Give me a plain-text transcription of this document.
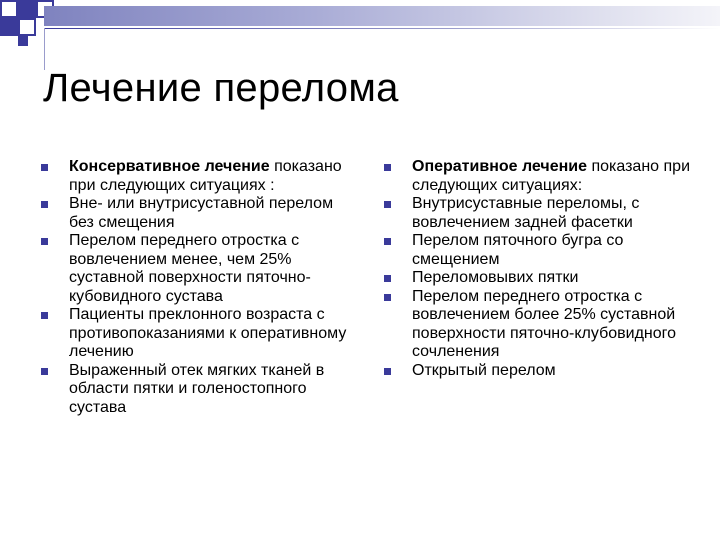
Лечение перелома
Консервативное лечение показано при следующих ситуациях :
Вне- или внутрисуставной перелом без смещения
Перелом переднего отростка с вовлечением менее, чем 25% суставной поверхности пяточно-кубовидного сустава
Пациенты преклонного возраста с противопоказаниями к оперативному лечению
Выраженный отек мягких тканей в области пятки и голеностопного сустава
Оперативное лечение показано при следующих ситуациях:
Внутрисуставные переломы, с вовлечением задней фасетки
Перелом пяточного бугра со смещением
Переломовывих пятки
Перелом переднего отростка с вовлечением более 25% суставной поверхности пяточно-клубовидного сочленения
Открытый перелом
